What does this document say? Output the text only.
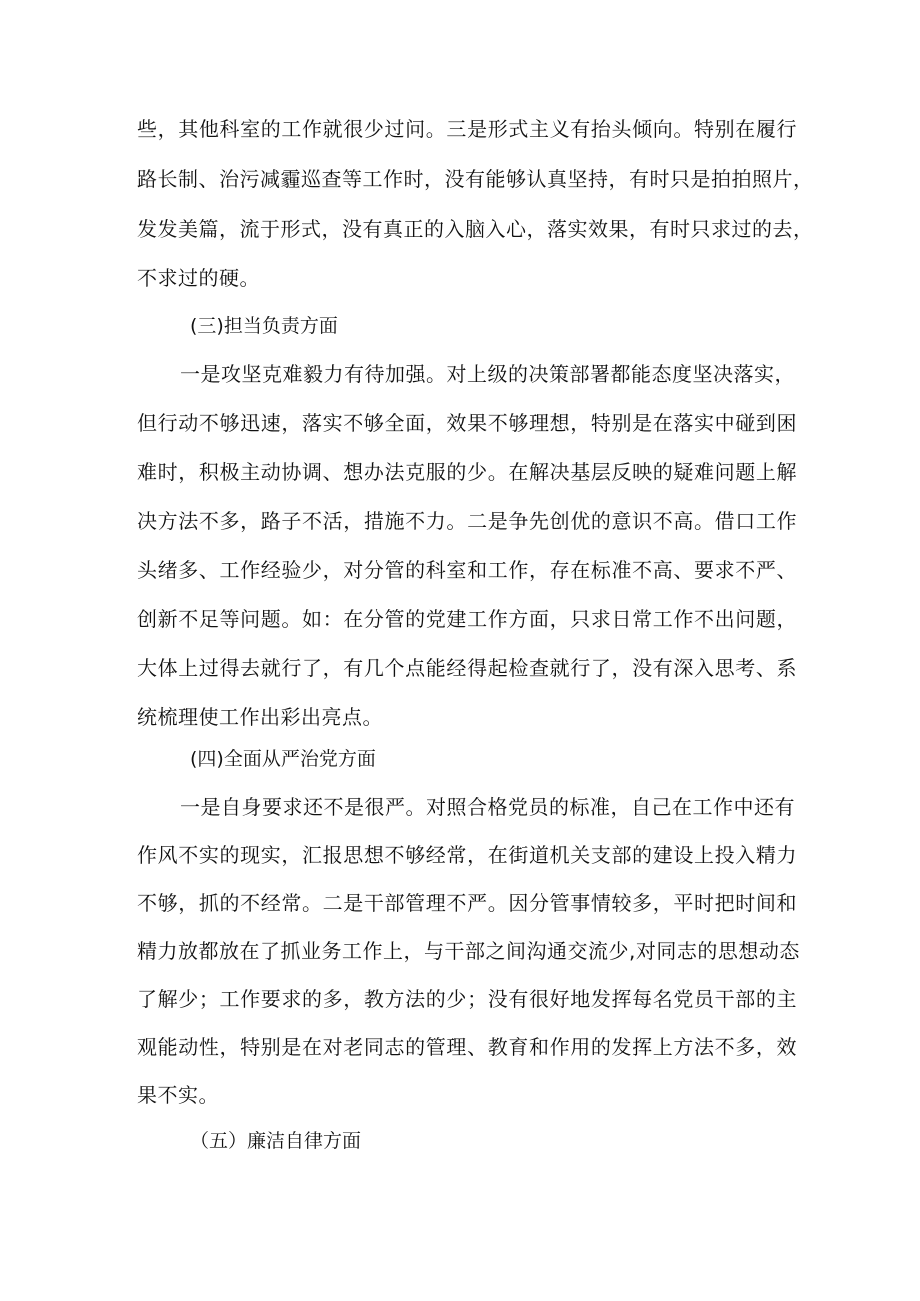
些，其他科室的工作就很少过问。三是形式主义有抬头倾向。特别在履行
路长制、治污减霾巡查等工作时，没有能够认真坚持，有时只是拍拍照片，
发发美篇，流于形式，没有真正的入脑入心，落实效果，有时只求过的去，
不求过的硬。
(三)担当负责方面
一是攻坚克难毅力有待加强。对上级的决策部署都能态度坚决落实，
但行动不够迅速，落实不够全面，效果不够理想，特别是在落实中碰到困
难时，积极主动协调、想办法克服的少。在解决基层反映的疑难问题上解
决方法不多，路子不活，措施不力。二是争先创优的意识不高。借口工作
头绪多、工作经验少，对分管的科室和工作，存在标准不高、要求不严、
创新不足等问题。如：在分管的党建工作方面，只求日常工作不出问题，
大体上过得去就行了，有几个点能经得起检查就行了，没有深入思考、系
统梳理使工作出彩出亮点。
(四)全面从严治党方面
一是自身要求还不是很严。对照合格党员的标准，自己在工作中还有
作风不实的现实，汇报思想不够经常，在街道机关支部的建设上投入精力
不够，抓的不经常。二是干部管理不严。因分管事情较多，平时把时间和
精力放都放在了抓业务工作上，与干部之间沟通交流少,对同志的思想动态
了解少；工作要求的多，教方法的少；没有很好地发挥每名党员干部的主
观能动性，特别是在对老同志的管理、教育和作用的发挥上方法不多，效
果不实。
（五）廉洁自律方面
